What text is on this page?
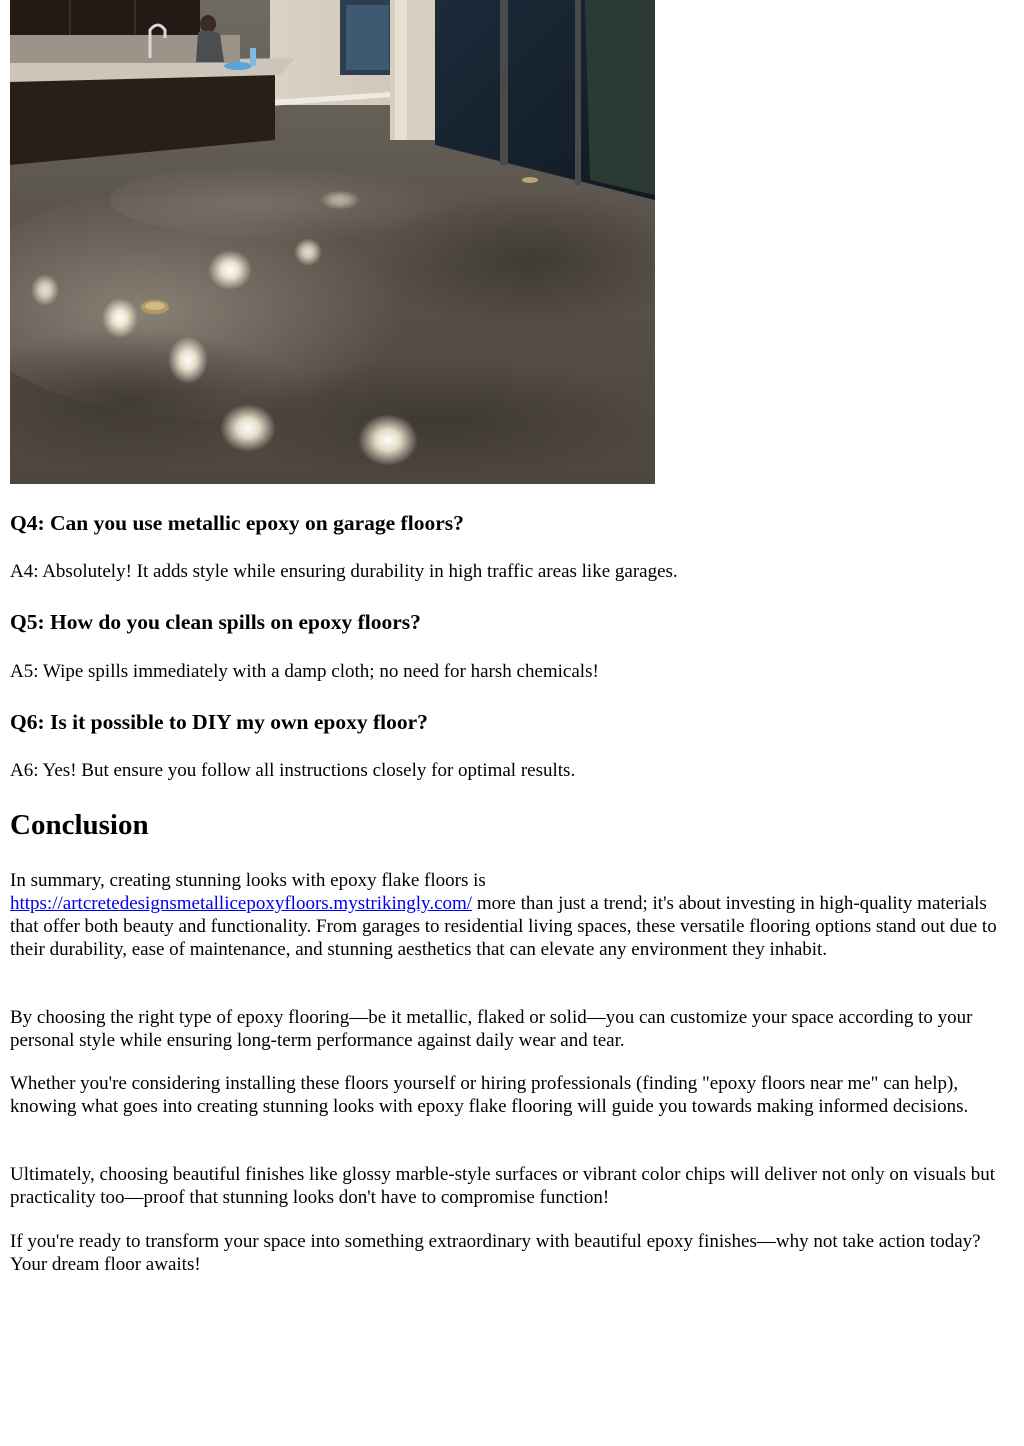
Q4: Can you use metallic epoxy on garage floors?

A4: Absolutely! It adds style while ensuring durability in high traffic areas like garages.

Q5: How do you clean spills on epoxy floors?

A5: Wipe spills immediately with a damp cloth; no need for harsh chemicals!

Q6: Is it possible to DIY my own epoxy floor?

A6: Yes! But ensure you follow all instructions closely for optimal results.

Conclusion

In summary, creating stunning looks with epoxy flake floors is
https://artcretedesignsmetallicepoxyfloors.mystrikingly.com/ more than just a trend; it's about investing in high-quality materials that offer both beauty and functionality. From garages to residential living spaces, these versatile flooring options stand out due to their durability, ease of maintenance, and stunning aesthetics that can elevate any environment they inhabit.

By choosing the right type of epoxy flooring—be it metallic, flaked or solid—you can customize your space according to your personal style while ensuring long-term performance against daily wear and tear.

Whether you're considering installing these floors yourself or hiring professionals (finding "epoxy floors near me" can help), knowing what goes into creating stunning looks with epoxy flake flooring will guide you towards making informed decisions.

Ultimately, choosing beautiful finishes like glossy marble-style surfaces or vibrant color chips will deliver not only on visuals but practicality too—proof that stunning looks don't have to compromise function!

If you're ready to transform your space into something extraordinary with beautiful epoxy finishes—why not take action today? Your dream floor awaits!
